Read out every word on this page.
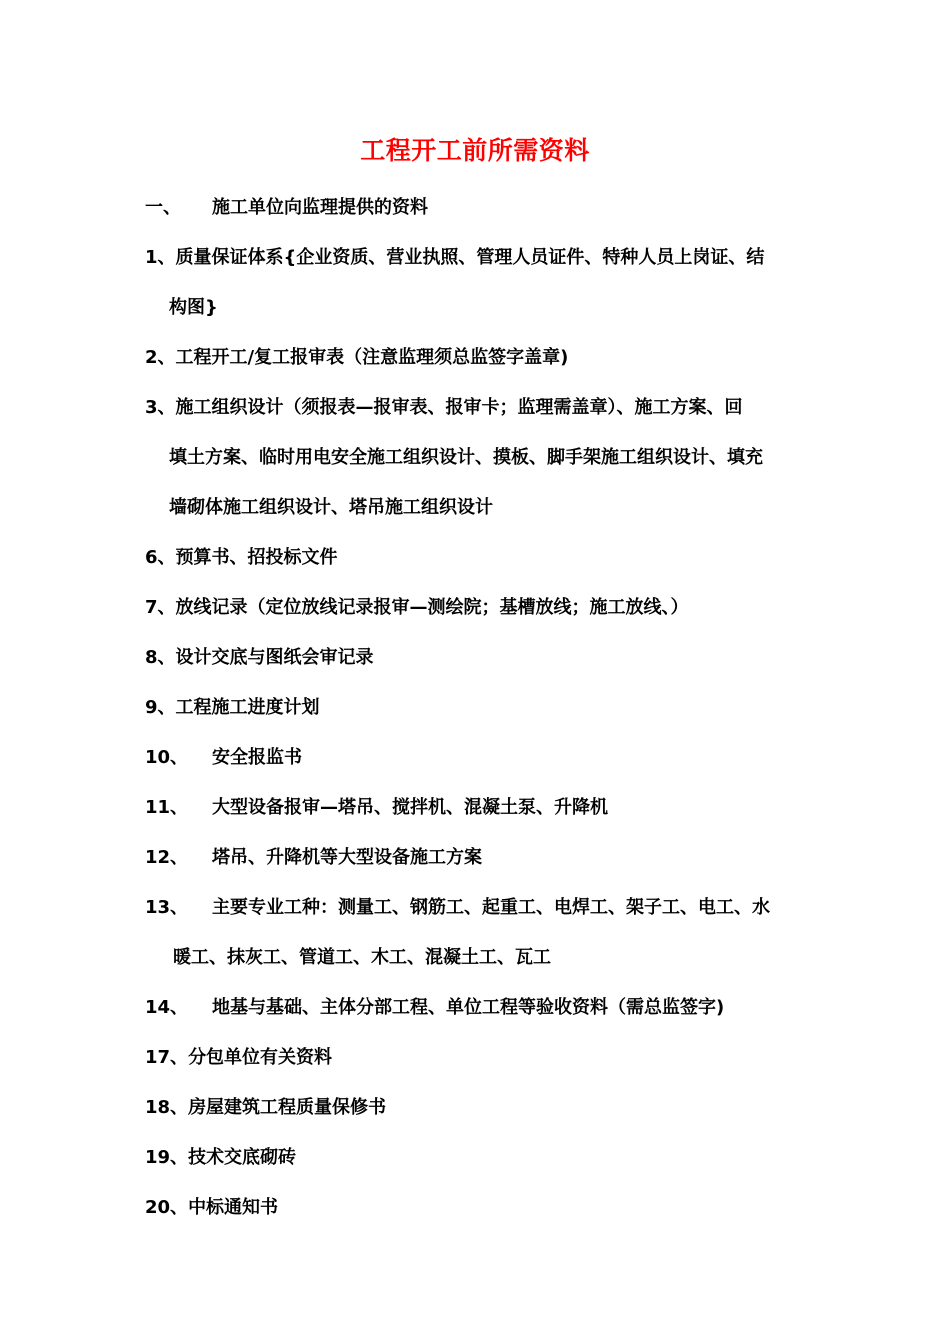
工程开工前所需资料
一、	施工单位向监理提供的资料
1、 质量保证体系{企业资质、营业执照、管理人员证件、特种人员上岗证、结
构图}
2、 工程开工/复工报审表（注意监理须总监签字盖章)
3、 施工组织设计（须报表—报审表、报审卡；监理需盖章）、施工方案、回
填土方案、临时用电安全施工组织设计、摸板、脚手架施工组织设计、填充
墙砌体施工组织设计、塔吊施工组织设计
6、 预算书、招投标文件
7、 放线记录（定位放线记录报审—测绘院；基槽放线；施工放线、）
8、 设计交底与图纸会审记录
9、 工程施工进度计划
10、	安全报监书
11、	大型设备报审—塔吊、搅拌机、混凝土泵、升降机
12、	塔吊、升降机等大型设备施工方案
13、	主要专业工种：测量工、钢筋工、起重工、电焊工、架子工、电工、水
暖工、抹灰工、管道工、木工、混凝土工、瓦工
14、	地基与基础、主体分部工程、单位工程等验收资料（需总监签字)
17、 分包单位有关资料
18、 房屋建筑工程质量保修书
19、 技术交底砌砖
20、 中标通知书
